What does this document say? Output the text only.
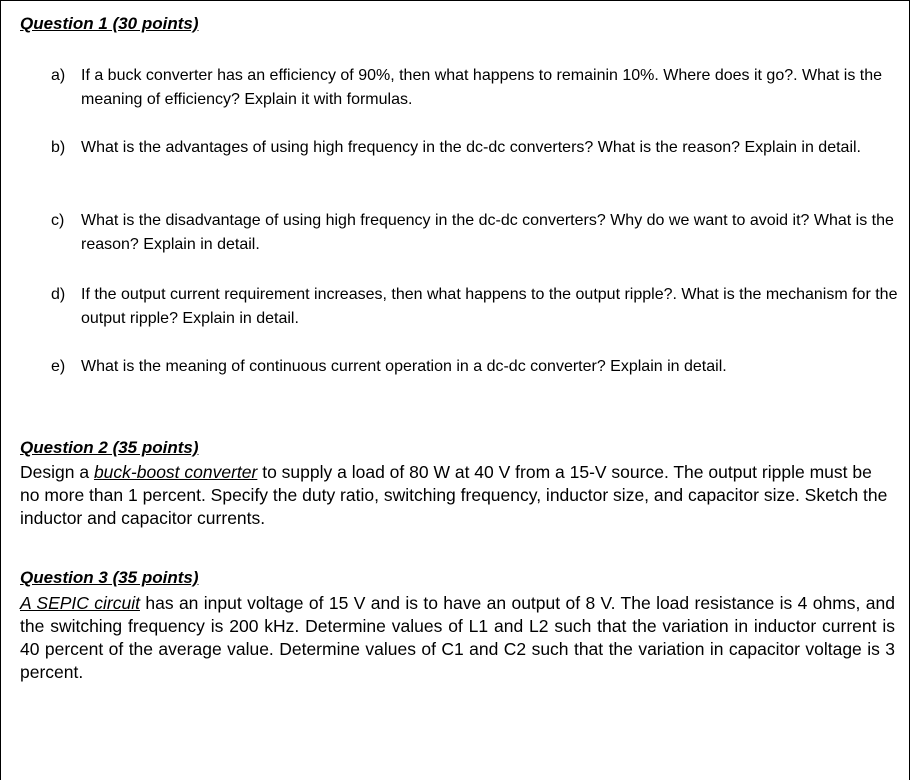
Question 1 (30 points)
a) If a buck converter has an efficiency of 90%, then what happens to remainin 10%. Where does it go?. What is the meaning of efficiency? Explain it with formulas.
b) What is the advantages of using high frequency in the dc-dc converters? What is the reason? Explain in detail.
c) What is the disadvantage of using high frequency in the dc-dc converters? Why do we want to avoid it? What is the reason? Explain in detail.
d) If the output current requirement increases, then what happens to the output ripple?. What is the mechanism for the output ripple? Explain in detail.
e) What is the meaning of continuous current operation in a dc-dc converter? Explain in detail.
Question 2 (35 points)
Design a buck-boost converter to supply a load of 80 W at 40 V from a 15-V source. The output ripple must be no more than 1 percent. Specify the duty ratio, switching frequency, inductor size, and capacitor size. Sketch the inductor and capacitor currents.
Question 3 (35 points)
A SEPIC circuit has an input voltage of 15 V and is to have an output of 8 V. The load resistance is 4 ohms, and the switching frequency is 200 kHz. Determine values of L1 and L2 such that the variation in inductor current is 40 percent of the average value. Determine values of C1 and C2 such that the variation in capacitor voltage is 3 percent.
